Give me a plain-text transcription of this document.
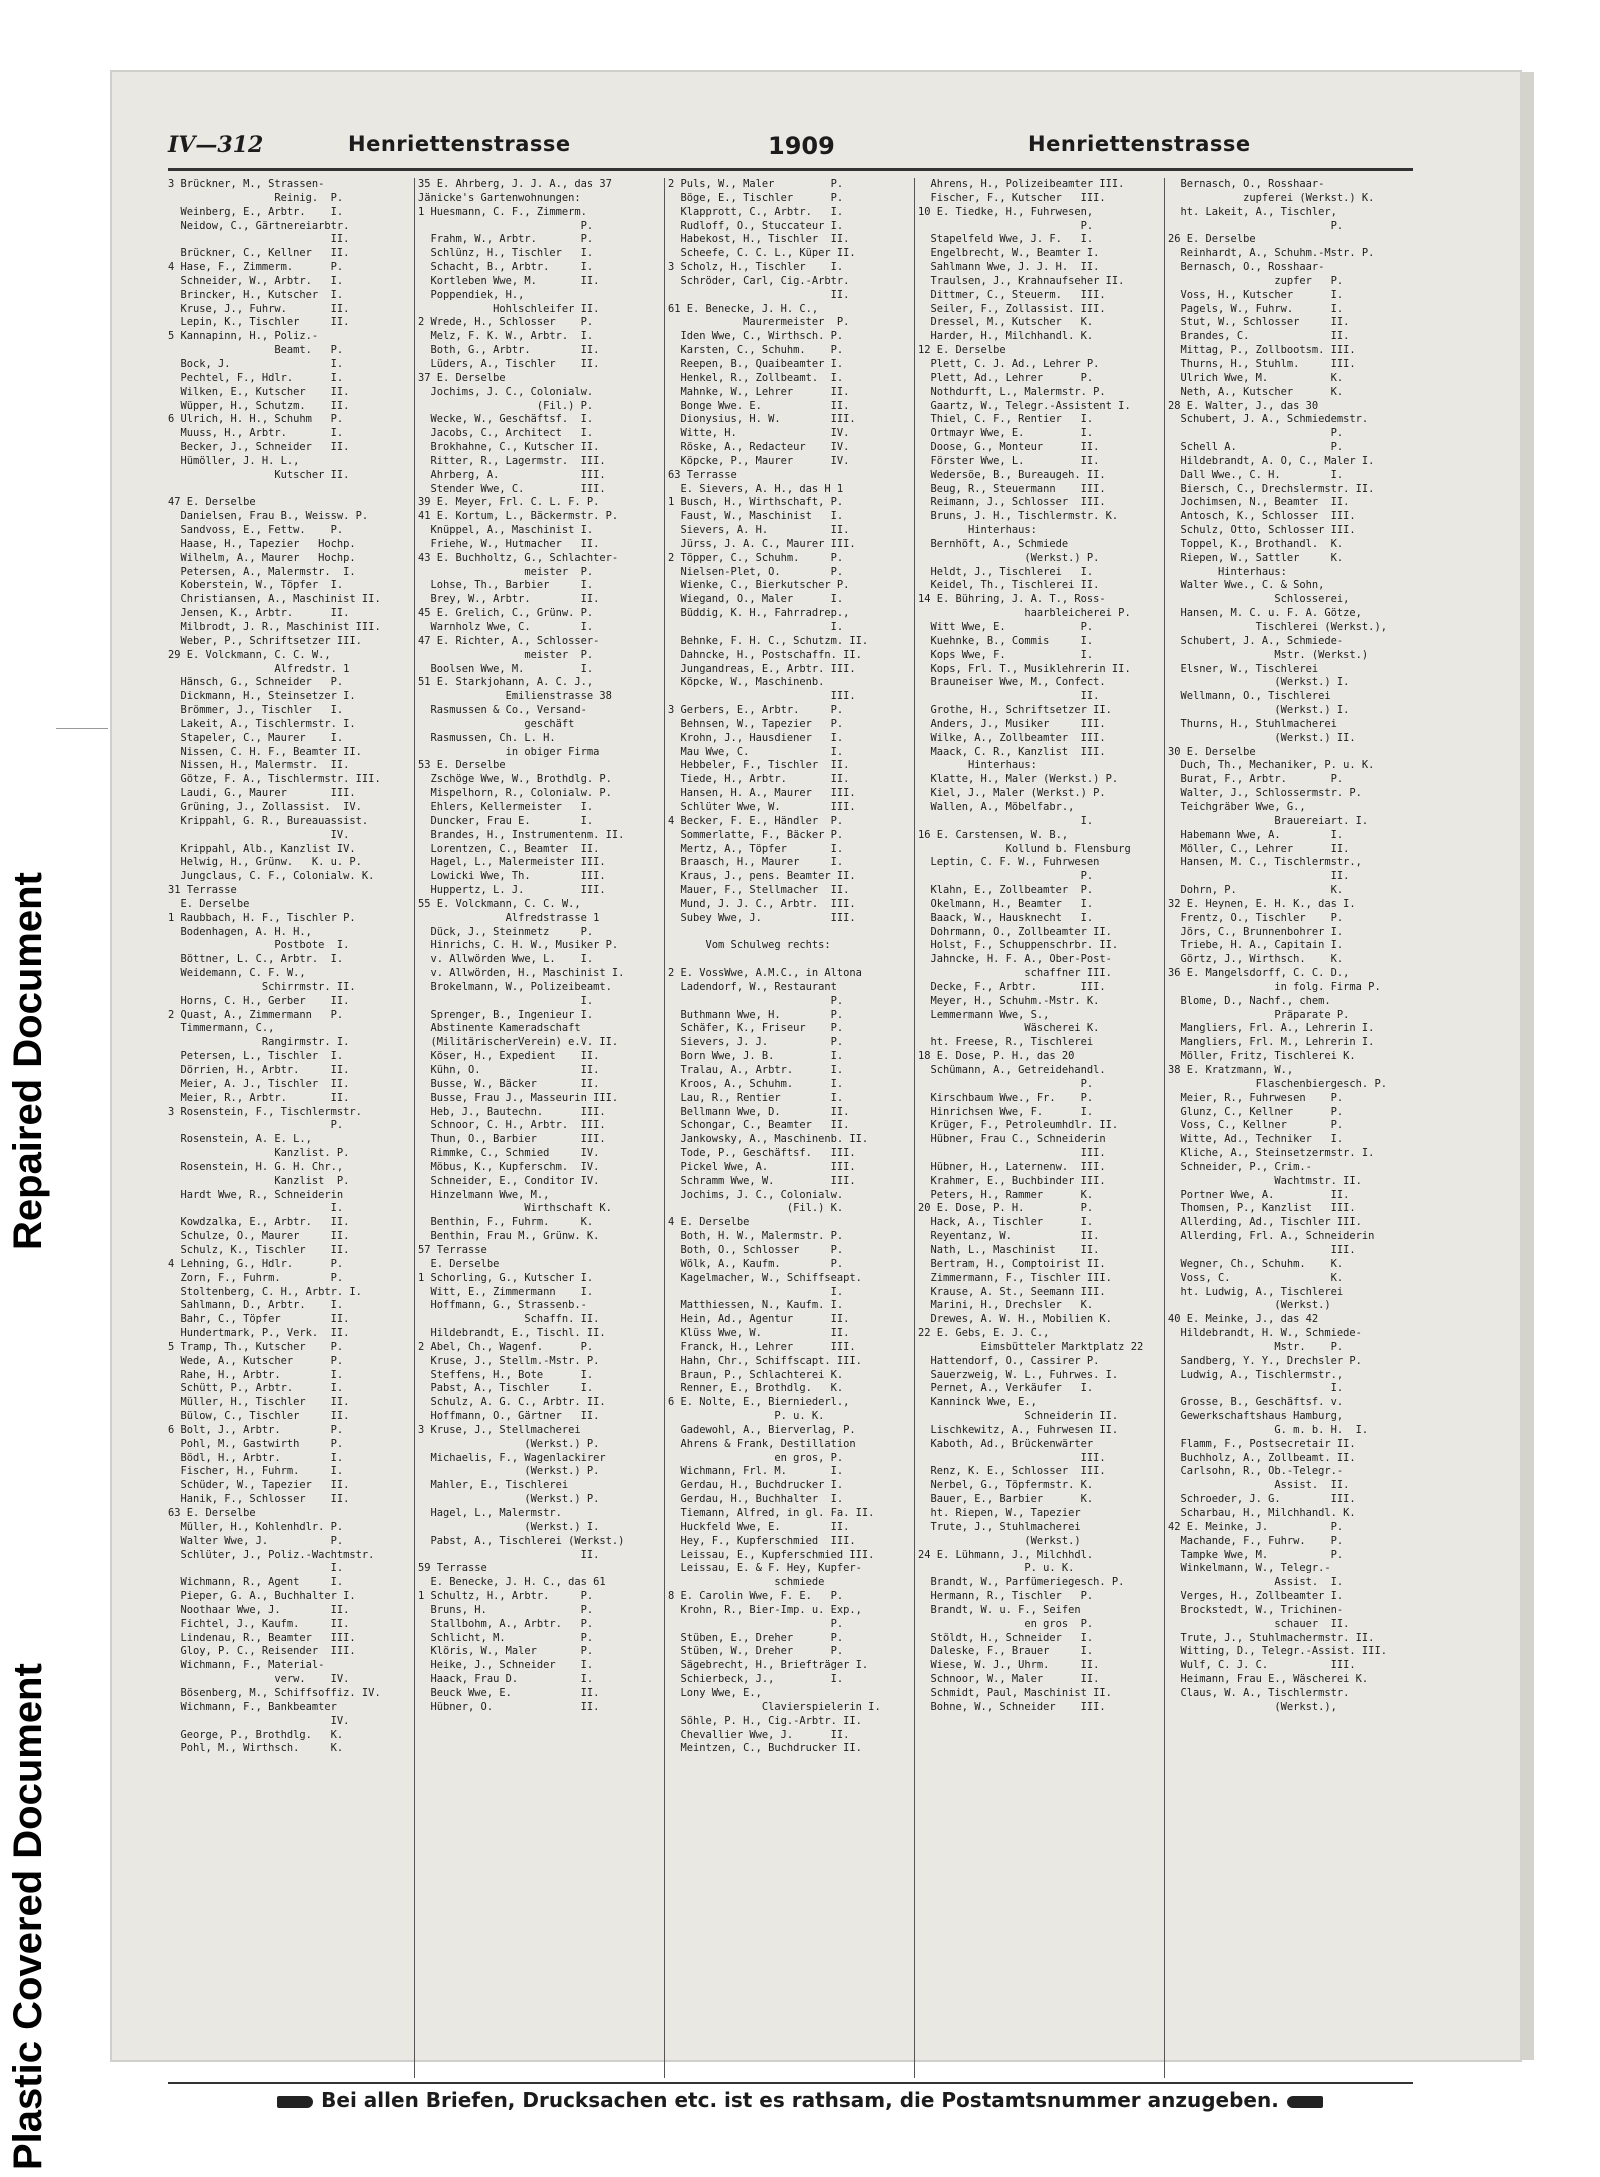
IV—312	Henriettenstrasse	1909	Henriettenstrasse
3 Brückner, M., Strassen-
Reinig.  P.
Weinberg, E., Arbtr.    I.
Neidow, C., Gärtnereiarbtr.
II.
Brückner, C., Kellner   II.
4 Hase, F., Zimmerm.      P.
Schneider, W., Arbtr.   I.
Brincker, H., Kutscher  I.
Kruse, J., Fuhrw.       II.
Lepin, K., Tischler     II.
5 Kannapinn, H., Poliz.-
Beamt.   P.
Bock, J.                I.
Pechtel, F., Hdlr.      I.
Wilken, E., Kutscher    II.
Wüpper, H., Schutzm.    II.
6 Ulrich, H. H., Schuhm   P.
Muuss, H., Arbtr.       I.
Becker, J., Schneider   II.
Hümöller, J. H. L.,
Kutscher II.

47 E. Derselbe
Danielsen, Frau B., Weissw. P.
Sandvoss, E., Fettw.    P.
Haase, H., Tapezier   Hochp.
Wilhelm, A., Maurer   Hochp.
Petersen, A., Malermstr.  I.
Koberstein, W., Töpfer  I.
Christiansen, A., Maschinist II.
Jensen, K., Arbtr.      II.
Milbrodt, J. R., Maschinist III.
Weber, P., Schriftsetzer III.
29 E. Volckmann, C. C. W.,
Alfredstr. 1
Hänsch, G., Schneider   P.
Dickmann, H., Steinsetzer I.
Brömmer, J., Tischler   I.
Lakeit, A., Tischlermstr. I.
Stapeler, C., Maurer    I.
Nissen, C. H. F., Beamter II.
Nissen, H., Malermstr.  II.
Götze, F. A., Tischlermstr. III.
Laudi, G., Maurer       III.
Grüning, J., Zollassist.  IV.
Krippahl, G. R., Bureauassist.
IV.
Krippahl, Alb., Kanzlist IV.
Helwig, H., Grünw.   K. u. P.
Jungclaus, C. F., Colonialw. K.
31 Terrasse
E. Derselbe
1 Raubbach, H. F., Tischler P.
Bodenhagen, A. H. H.,
Postbote  I.
Böttner, L. C., Arbtr.  I.
Weidemann, C. F. W.,
Schirrmstr. II.
Horns, C. H., Gerber    II.
2 Quast, A., Zimmermann   P.
Timmermann, C.,
Rangirmstr. I.
Petersen, L., Tischler  I.
Dörrien, H., Arbtr.     II.
Meier, A. J., Tischler  II.
Meier, R., Arbtr.       II.
3 Rosenstein, F., Tischlermstr.
P.
Rosenstein, A. E. L.,
Kanzlist. P.
Rosenstein, H. G. H. Chr.,
Kanzlist  P.
Hardt Wwe, R., Schneiderin
I.
Kowdzalka, E., Arbtr.   II.
Schulze, O., Maurer     II.
Schulz, K., Tischler    II.
4 Lehning, G., Hdlr.      P.
Zorn, F., Fuhrm.        P.
Stoltenberg, C. H., Arbtr. I.
Sahlmann, D., Arbtr.    I.
Bahr, C., Töpfer        II.
Hundertmark, P., Verk.  II.
5 Tramp, Th., Kutscher    P.
Wede, A., Kutscher      P.
Rahe, H., Arbtr.        I.
Schütt, P., Arbtr.      I.
Müller, H., Tischler    II.
Bülow, C., Tischler     II.
6 Bolt, J., Arbtr.        P.
Pohl, M., Gastwirth     P.
Bödl, H., Arbtr.        I.
Fischer, H., Fuhrm.     I.
Schüder, W., Tapezier   II.
Hanik, F., Schlosser    II.
63 E. Derselbe
Müller, H., Kohlenhdlr. P.
Walter Wwe, J.          P.
Schlüter, J., Poliz.-Wachtmstr.
I.
Wichmann, R., Agent     I.
Pieper, G. A., Buchhalter I.
Noothaar Wwe, J.        II.
Fichtel, J., Kaufm.     II.
Lindenau, R., Beamter   III.
Gloy, P. C., Reisender  III.
Wichmann, F., Material-
verw.    IV.
Bösenberg, M., Schiffsoffiz. IV.
Wichmann, F., Bankbeamter
IV.
George, P., Brothdlg.   K.
Pohl, M., Wirthsch.     K.
35 E. Ahrberg, J. J. A., das 37
Jänicke's Gartenwohnungen:
1 Huesmann, C. F., Zimmerm.
P.
Frahm, W., Arbtr.       P.
Schlünz, H., Tischler   I.
Schacht, B., Arbtr.     I.
Kortleben Wwe, M.       II.
Poppendiek, H.,
Hohlschleifer II.
2 Wrede, H., Schlosser    P.
Melz, F. K. W., Arbtr.  I.
Both, G., Arbtr.        II.
Lüders, A., Tischler    II.
37 E. Derselbe
Jochims, J. C., Colonialw.
(Fil.) P.
Wecke, W., Geschäftsf.  I.
Jacobs, C., Architect   I.
Brokhahne, C., Kutscher II.
Ritter, R., Lagermstr.  III.
Ahrberg, A.             III.
Stender Wwe, C.         III.
39 E. Meyer, Frl. C. L. F. P.
41 E. Kortum, L., Bäckermstr. P.
Knüppel, A., Maschinist I.
Friehe, W., Hutmacher   II.
43 E. Buchholtz, G., Schlachter-
meister  P.
Lohse, Th., Barbier     I.
Brey, W., Arbtr.        II.
45 E. Grelich, C., Grünw. P.
Warnholz Wwe, C.        I.
47 E. Richter, A., Schlosser-
meister  P.
Boolsen Wwe, M.         I.
51 E. Starkjohann, A. C. J.,
Emilienstrasse 38
Rasmussen & Co., Versand-
geschäft
Rasmussen, Ch. L. H.
in obiger Firma
53 E. Derselbe
Zschöge Wwe, W., Brothdlg. P.
Mispelhorn, R., Colonialw. P.
Ehlers, Kellermeister   I.
Duncker, Frau E.        I.
Brandes, H., Instrumentenm. II.
Lorentzen, C., Beamter  II.
Hagel, L., Malermeister III.
Lowicki Wwe, Th.        III.
Huppertz, L. J.         III.
55 E. Volckmann, C. C. W.,
Alfredstrasse 1
Dück, J., Steinmetz     P.
Hinrichs, C. H. W., Musiker P.
v. Allwörden Wwe, L.    I.
v. Allwörden, H., Maschinist I.
Brokelmann, W., Polizeibeamt.
I.
Sprenger, B., Ingenieur I.
Abstinente Kameradschaft
(MilitärischerVerein) e.V. II.
Köser, H., Expedient    II.
Kühn, O.                II.
Busse, W., Bäcker       II.
Busse, Frau J., Masseurin III.
Heb, J., Bautechn.      III.
Schnoor, C. H., Arbtr.  III.
Thun, O., Barbier       III.
Rimmke, C., Schmied     IV.
Möbus, K., Kupferschm.  IV.
Schneider, E., Conditor IV.
Hinzelmann Wwe, M.,
Wirthschaft K.
Benthin, F., Fuhrm.     K.
Benthin, Frau M., Grünw. K.
57 Terrasse
E. Derselbe
1 Schorling, G., Kutscher I.
Witt, E., Zimmermann    I.
Hoffmann, G., Strassenb.-
Schaffn. II.
Hildebrandt, E., Tischl. II.
2 Abel, Ch., Wagenf.      P.
Kruse, J., Stellm.-Mstr. P.
Steffens, H., Bote      I.
Pabst, A., Tischler     I.
Schulz, A. G. C., Arbtr. II.
Hoffmann, O., Gärtner   II.
3 Kruse, J., Stellmacherei
(Werkst.) P.
Michaelis, F., Wagenlackirer
(Werkst.) P.
Mahler, E., Tischlerei
(Werkst.) P.
Hagel, L., Malermstr.
(Werkst.) I.
Pabst, A., Tischlerei (Werkst.)
II.
59 Terrasse
E. Benecke, J. H. C., das 61
1 Schultz, H., Arbtr.     P.
Bruns, H.               P.
Stallbohm, A., Arbtr.   P.
Schlicht, M.            P.
Klöris, W., Maler       P.
Heike, J., Schneider    I.
Haack, Frau D.          I.
Beuck Wwe, E.           II.
Hübner, O.              II.
2 Puls, W., Maler         P.
Böge, E., Tischler      P.
Klapprott, C., Arbtr.   I.
Rudloff, O., Stuccateur I.
Habekost, H., Tischler  II.
Scheefe, C. C. L., Küper II.
3 Scholz, H., Tischler    I.
Schröder, Carl, Cig.-Arbtr.
II.
61 E. Benecke, J. H. C.,
Maurermeister  P.
Iden Wwe, C., Wirthsch. P.
Karsten, C., Schuhm.    P.
Reepen, B., Quaibeamter I.
Henkel, R., Zollbeamt.  I.
Mahnke, W., Lehrer      II.
Bonge Wwe. E.           II.
Dionysius, H. W.        III.
Witte, H.               IV.
Röske, A., Redacteur    IV.
Köpcke, P., Maurer      IV.
63 Terrasse
E. Sievers, A. H., das H 1
1 Busch, H., Wirthschaft, P.
Faust, W., Maschinist   I.
Sievers, A. H.          II.
Jürss, J. A. C., Maurer III.
2 Töpper, C., Schuhm.     P.
Nielsen-Plet, O.        P.
Wienke, C., Bierkutscher P.
Wiegand, O., Maler      I.
Büddig, K. H., Fahrradrep.,
I.
Behnke, F. H. C., Schutzm. II.
Dahncke, H., Postschaffn. II.
Jungandreas, E., Arbtr. III.
Köpcke, W., Maschinenb.
III.
3 Gerbers, E., Arbtr.     P.
Behnsen, W., Tapezier   P.
Krohn, J., Hausdiener   I.
Mau Wwe, C.             I.
Hebbeler, F., Tischler  II.
Tiede, H., Arbtr.       II.
Hansen, H. A., Maurer   III.
Schlüter Wwe, W.        III.
4 Becker, F. E., Händler  P.
Sommerlatte, F., Bäcker P.
Mertz, A., Töpfer       I.
Braasch, H., Maurer     I.
Kraus, J., pens. Beamter II.
Mauer, F., Stellmacher  II.
Mund, J. J. C., Arbtr.  III.
Subey Wwe, J.           III.

Vom Schulweg rechts:

2 E. VossWwe, A.M.C., in Altona
Ladendorf, W., Restaurant
P.
Buthmann Wwe, H.        P.
Schäfer, K., Friseur    P.
Sievers, J. J.          P.
Born Wwe, J. B.         I.
Tralau, A., Arbtr.      I.
Kroos, A., Schuhm.      I.
Lau, R., Rentier        I.
Bellmann Wwe, D.        II.
Schongar, C., Beamter   II.
Jankowsky, A., Maschinenb. II.
Tode, P., Geschäftsf.   III.
Pickel Wwe, A.          III.
Schramm Wwe, W.         III.
Jochims, J. C., Colonialw.
(Fil.) K.
4 E. Derselbe
Both, H. W., Malermstr. P.
Both, O., Schlosser     P.
Wölk, A., Kaufm.        P.
Kagelmacher, W., Schiffseapt.
I.
Matthiessen, N., Kaufm. I.
Hein, Ad., Agentur      II.
Klüss Wwe, W.           II.
Franck, H., Lehrer      III.
Hahn, Chr., Schiffscapt. III.
Braun, P., Schlachterei K.
Renner, E., Brothdlg.   K.
6 E. Nolte, E., Bierniederl.,
P. u. K.
Gadewohl, A., Bierverlag, P.
Ahrens & Frank, Destillation
en gros, P.
Wichmann, Frl. M.       I.
Gerdau, H., Buchdrucker I.
Gerdau, H., Buchhalter  I.
Tiemann, Alfred, in gl. Fa. II.
Huckfeld Wwe, E.        II.
Hey, F., Kupferschmied  III.
Leissau, E., Kupferschmied III.
Leissau, E. & F. Hey, Kupfer-
schmiede
8 E. Carolin Wwe, F. E.   P.
Krohn, R., Bier-Imp. u. Exp.,
P.
Stüben, E., Dreher      P.
Stüben, W., Dreher      P.
Sägebrecht, H., Briefträger I.
Schierbeck, J.,         I.
Lony Wwe, E.,
Clavierspielerin I.
Söhle, P. H., Cig.-Arbtr. II.
Chevallier Wwe, J.      II.
Meintzen, C., Buchdrucker II.
Ahrens, H., Polizeibeamter III.
Fischer, F., Kutscher   III.
10 E. Tiedke, H., Fuhrwesen,
P.
Stapelfeld Wwe, J. F.   I.
Engelbrecht, W., Beamter I.
Sahlmann Wwe, J. J. H.  II.
Traulsen, J., Krahnaufseher II.
Dittmer, C., Steuerm.   III.
Seiler, F., Zollassist. III.
Dressel, M., Kutscher   K.
Harder, H., Milchhandl. K.
12 E. Derselbe
Plett, C. J. Ad., Lehrer P.
Plett, Ad., Lehrer      P.
Nothdurft, L., Malermstr. P.
Gaartz, W., Telegr.-Assistent I.
Thiel, C. F., Rentier   I.
Ortmayr Wwe, E.         I.
Doose, G., Monteur      II.
Förster Wwe, L.         II.
Wedersöe, B., Bureaugeh. II.
Beug, R., Steuermann    III.
Reimann, J., Schlosser  III.
Bruns, J. H., Tischlermstr. K.
Hinterhaus:
Bernhöft, A., Schmiede
(Werkst.) P.
Heldt, J., Tischlerei   I.
Keidel, Th., Tischlerei II.
14 E. Bühring, J. A. T., Ross-
haarbleicherei P.
Witt Wwe, E.            P.
Kuehnke, B., Commis     I.
Kops Wwe, F.            I.
Kops, Frl. T., Musiklehrerin II.
Brauneiser Wwe, M., Confect.
II.
Grothe, H., Schriftsetzer II.
Anders, J., Musiker     III.
Wilke, A., Zollbeamter  III.
Maack, C. R., Kanzlist  III.
Hinterhaus:
Klatte, H., Maler (Werkst.) P.
Kiel, J., Maler (Werkst.) P.
Wallen, A., Möbelfabr.,
I.
16 E. Carstensen, W. B.,
Kollund b. Flensburg
Leptin, C. F. W., Fuhrwesen
P.
Klahn, E., Zollbeamter  P.
Okelmann, H., Beamter   I.
Baack, W., Hausknecht   I.
Dohrmann, O., Zollbeamter II.
Holst, F., Schuppenschrbr. II.
Jahncke, H. F. A., Ober-Post-
schaffner III.
Decke, F., Arbtr.       III.
Meyer, H., Schuhm.-Mstr. K.
Lemmermann Wwe, S.,
Wäscherei K.
ht. Freese, R., Tischlerei
18 E. Dose, P. H., das 20
Schümann, A., Getreidehandl.
P.
Kirschbaum Wwe., Fr.    P.
Hinrichsen Wwe, F.      I.
Krüger, F., Petroleumhdlr. II.
Hübner, Frau C., Schneiderin
III.
Hübner, H., Laternenw.  III.
Krahmer, E., Buchbinder III.
Peters, H., Rammer      K.
20 E. Dose, P. H.         P.
Hack, A., Tischler      I.
Reyentanz, W.           II.
Nath, L., Maschinist    II.
Bertram, H., Comptoirist II.
Zimmermann, F., Tischler III.
Krause, A. St., Seemann III.
Marini, H., Drechsler   K.
Drewes, A. W. H., Mobilien K.
22 E. Gebs, E. J. C.,
Eimsbütteler Marktplatz 22
Hattendorf, O., Cassirer P.
Sauerzweig, W. L., Fuhrwes. I.
Pernet, A., Verkäufer   I.
Kanninck Wwe, E.,
Schneiderin II.
Lischkewitz, A., Fuhrwesen II.
Kaboth, Ad., Brückenwärter
III.
Renz, K. E., Schlosser  III.
Nerbel, G., Töpfermstr. K.
Bauer, E., Barbier      K.
ht. Riepen, W., Tapezier
Trute, J., Stuhlmacherei
(Werkst.)
24 E. Lühmann, J., Milchhdl.
P. u. K.
Brandt, W., Parfümeriegesch. P.
Hermann, R., Tischler   P.
Brandt, W. u. F., Seifen
en gros  P.
Stöldt, H., Schneider   I.
Daleske, F., Brauer     I.
Wiese, W. J., Uhrm.     II.
Schnoor, W., Maler      II.
Schmidt, Paul, Maschinist II.
Bohne, W., Schneider    III.
Bernasch, O., Rosshaar-
zupferei (Werkst.) K.
ht. Lakeit, A., Tischler,
P.
26 E. Derselbe
Reinhardt, A., Schuhm.-Mstr. P.
Bernasch, O., Rosshaar-
zupfer   P.
Voss, H., Kutscher      I.
Pagels, W., Fuhrw.      I.
Stut, W., Schlosser     II.
Brandes, C.             II.
Mittag, P., Zollbootsm. III.
Thurns, H., Stuhlm.     III.
Ulrich Wwe, M.          K.
Neth, A., Kutscher      K.
28 E. Walter, J., das 30
Schubert, J. A., Schmiedemstr.
P.
Schell A.               P.
Hildebrandt, A. O, C., Maler I.
Dall Wwe., C. H.        I.
Biersch, C., Drechslermstr. II.
Jochimsen, N., Beamter  II.
Antosch, K., Schlosser  III.
Schulz, Otto, Schlosser III.
Toppel, K., Brothandl.  K.
Riepen, W., Sattler     K.
Hinterhaus:
Walter Wwe., C. & Sohn,
Schlosserei,
Hansen, M. C. u. F. A. Götze,
Tischlerei (Werkst.),
Schubert, J. A., Schmiede-
Mstr. (Werkst.)
Elsner, W., Tischlerei
(Werkst.) I.
Wellmann, O., Tischlerei
(Werkst.) I.
Thurns, H., Stuhlmacherei
(Werkst.) II.
30 E. Derselbe
Duch, Th., Mechaniker, P. u. K.
Burat, F., Arbtr.       P.
Walter, J., Schlossermstr. P.
Teichgräber Wwe, G.,
Brauereiart. I.
Habemann Wwe, A.        I.
Möller, C., Lehrer      II.
Hansen, M. C., Tischlermstr.,
II.
Dohrn, P.               K.
32 E. Heynen, E. H. K., das I.
Frentz, O., Tischler    P.
Jörs, C., Brunnenbohrer I.
Triebe, H. A., Capitain I.
Görtz, J., Wirthsch.    K.
36 E. Mangelsdorff, C. C. D.,
in folg. Firma P.
Blome, D., Nachf., chem.
Präparate P.
Mangliers, Frl. A., Lehrerin I.
Mangliers, Frl. M., Lehrerin I.
Möller, Fritz, Tischlerei K.
38 E. Kratzmann, W.,
Flaschenbiergesch. P.
Meier, R., Fuhrwesen    P.
Glunz, C., Kellner      P.
Voss, C., Kellner       P.
Witte, Ad., Techniker   I.
Kliche, A., Steinsetzermstr. I.
Schneider, P., Crim.-
Wachtmstr. II.
Portner Wwe, A.         II.
Thomsen, P., Kanzlist   III.
Allerding, Ad., Tischler III.
Allerding, Frl. A., Schneiderin
III.
Wegner, Ch., Schuhm.    K.
Voss, C.                K.
ht. Ludwig, A., Tischlerei
(Werkst.)
40 E. Meinke, J., das 42
Hildebrandt, H. W., Schmiede-
Mstr.    P.
Sandberg, Y. Y., Drechsler P.
Ludwig, A., Tischlermstr.,
I.
Grosse, B., Geschäftsf. v.
Gewerkschaftshaus Hamburg,
G. m. b. H.  I.
Flamm, F., Postsecretair II.
Buchholz, A., Zollbeamt. II.
Carlsohn, R., Ob.-Telegr.-
Assist.  II.
Schroeder, J. G.        III.
Scharbau, H., Milchhandl. K.
42 E. Meinke, J.          P.
Machande, F., Fuhrw.    P.
Tampke Wwe, M.          P.
Winkelmann, W., Telegr.-
Assist.  I.
Verges, H., Zollbeamter I.
Brockstedt, W., Trichinen-
schauer  II.
Trute, J., Stuhlmachermstr. II.
Witting, D., Telegr.-Assist. III.
Wulf, C. J. C.          III.
Heimann, Frau E., Wäscherei K.
Claus, W. A., Tischlermstr.
(Werkst.),
Bei allen Briefen, Drucksachen etc. ist es rathsam, die Postamtsnummer anzugeben.
Repaired Document
Plastic Covered Document
